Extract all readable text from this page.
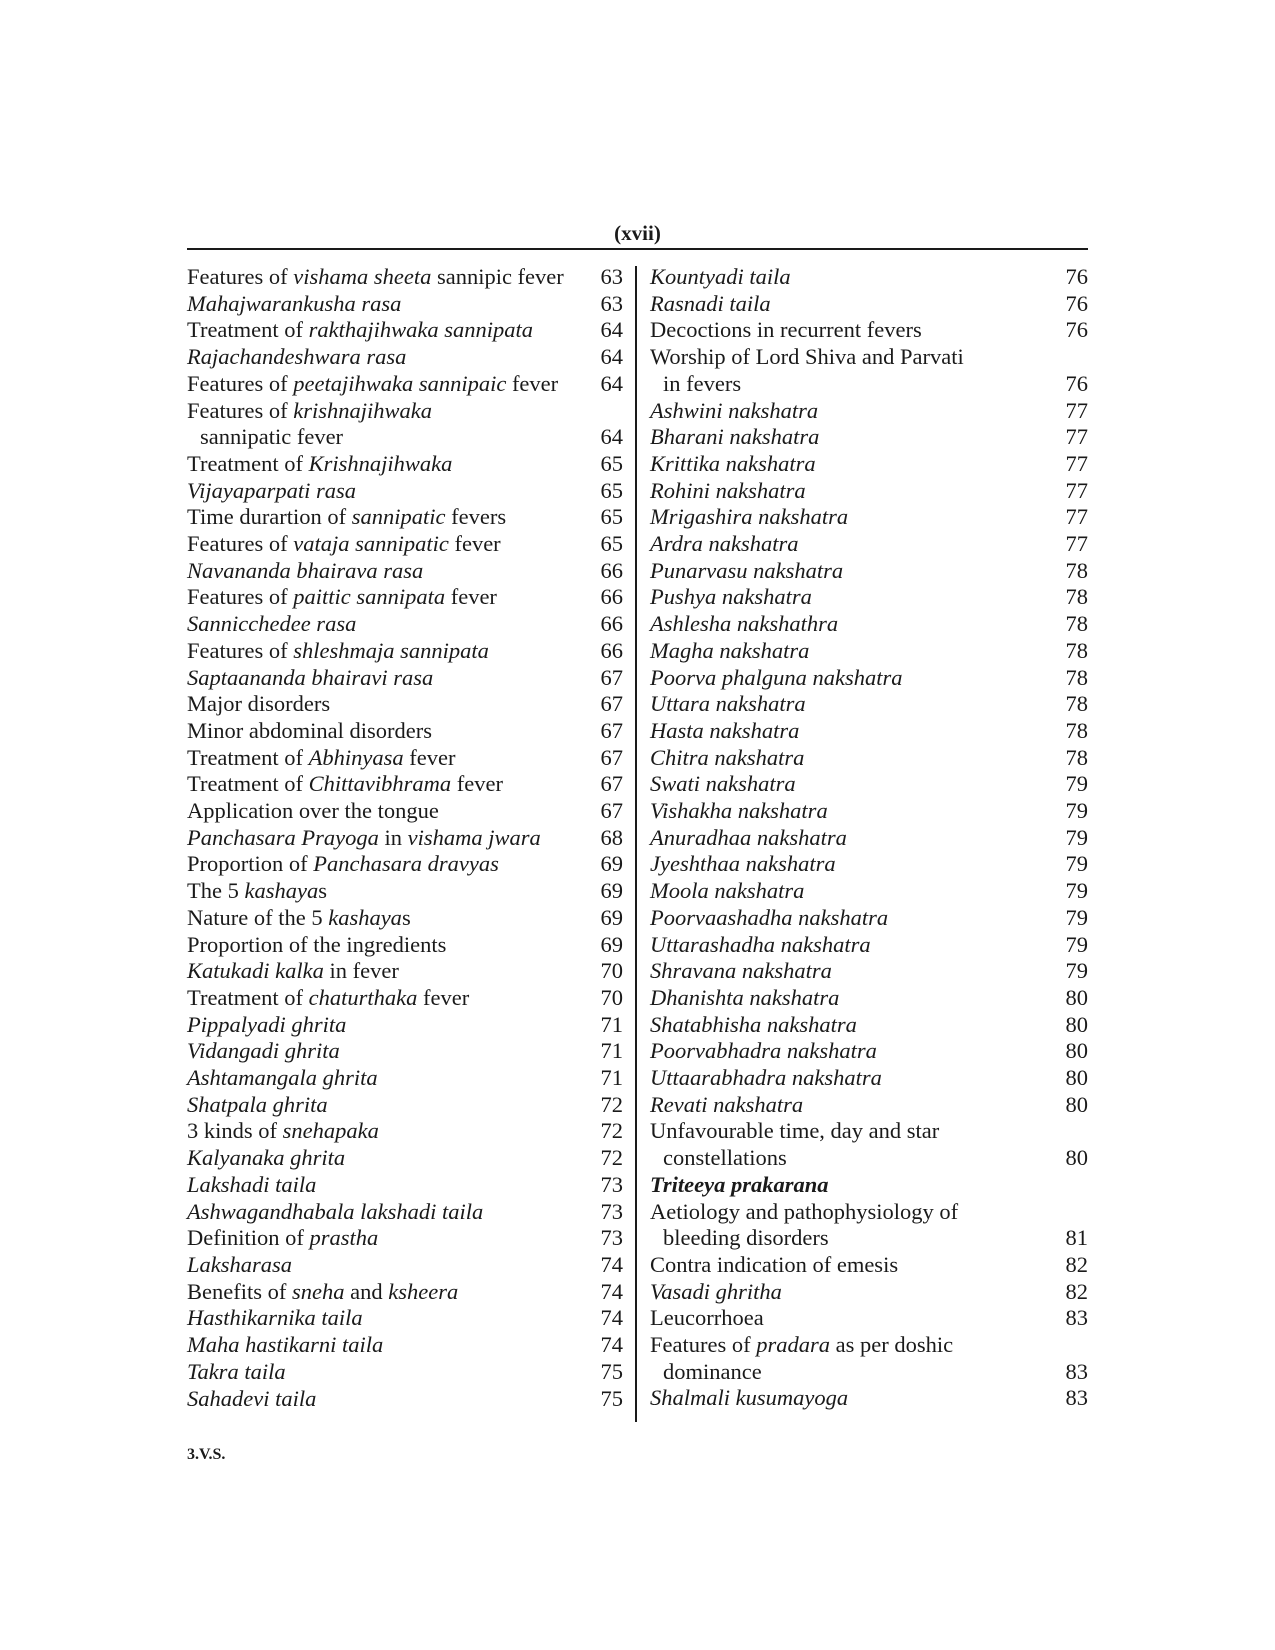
(xvii)
Features of vishama sheeta sannipic fever 63
Mahajwarankusha rasa	63
Treatment of rakthajihwaka sannipata	64
Rajachandeshwara rasa	64
Features of peetajihwaka sannipaic fever 64
Features of krishnajihwaka
sannipatic fever	64
Treatment of Krishnajihwaka	65
Vijayaparpati rasa	65
Time durartion of sannipatic fevers	65
Features of vataja sannipatic fever	65
Navananda bhairava rasa	66
Features of paittic sannipata fever	66
Sannicchedee rasa	66
Features of shleshmaja sannipata	66
Saptaananda bhairavi rasa	67
Major disorders	67
Minor abdominal disorders	67
Treatment of Abhinyasa fever	67
Treatment of Chittavibhrama fever	67
Application over the tongue	67
Panchasara Prayoga in vishama jwara	68
Proportion of Panchasara dravyas	69
The 5 kashayas	69
Nature of the 5 kashayas	69
Proportion of the ingredients	69
Katukadi kalka in fever	70
Treatment of chaturthaka fever	70
Pippalyadi ghrita	71
Vidangadi ghrita	71
Ashtamangala ghrita	71
Shatpala ghrita	72
3 kinds of snehapaka	72
Kalyanaka ghrita	72
Lakshadi taila	73
Ashwagandhabala lakshadi taila	73
Definition of prastha	73
Laksharasa	74
Benefits of sneha and ksheera	74
Hasthikarnika taila	74
Maha hastikarni taila	74
Takra taila	75
Sahadevi taila	75
Kountyadi taila	76
Rasnadi taila	76
Decoctions in recurrent fevers	76
Worship of Lord Shiva and Parvati
in fevers	76
Ashwini nakshatra	77
Bharani nakshatra	77
Krittika nakshatra	77
Rohini nakshatra	77
Mrigashira nakshatra	77
Ardra nakshatra	77
Punarvasu nakshatra	78
Pushya nakshatra	78
Ashlesha nakshathra	78
Magha nakshatra	78
Poorva phalguna nakshatra	78
Uttara nakshatra	78
Hasta nakshatra	78
Chitra nakshatra	78
Swati nakshatra	79
Vishakha nakshatra	79
Anuradhaa nakshatra	79
Jyeshthaa nakshatra	79
Moola nakshatra	79
Poorvaashadha nakshatra	79
Uttarashadha nakshatra	79
Shravana nakshatra	79
Dhanishta nakshatra	80
Shatabhisha nakshatra	80
Poorvabhadra nakshatra	80
Uttaarabhadra nakshatra	80
Revati nakshatra	80
Unfavourable time, day and star
constellations	80
Triteeya prakarana
Aetiology and pathophysiology of
bleeding disorders	81
Contra indication of emesis	82
Vasadi ghritha	82
Leucorrhoea	83
Features of pradara as per doshic
dominance	83
Shalmali kusumayoga	83
3.V.S.
